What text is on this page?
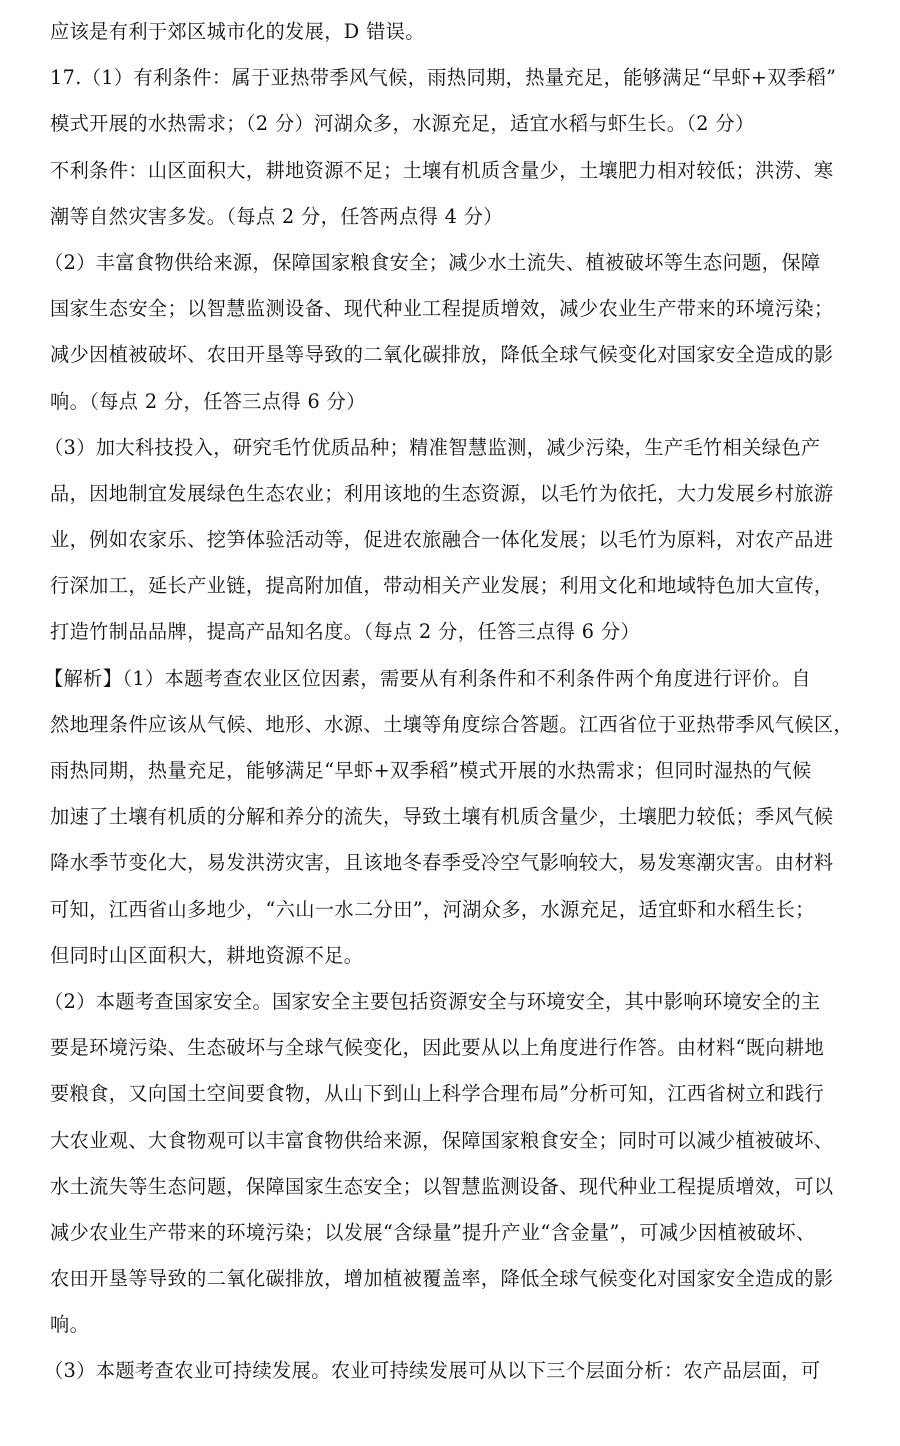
应该是有利于郊区城市化的发展，D 错误。
17.（1）有利条件：属于亚热带季风气候，雨热同期，热量充足，能够满足“早虾+双季稻”
模式开展的水热需求；（2 分）河湖众多，水源充足，适宜水稻与虾生长。（2 分）
不利条件：山区面积大，耕地资源不足；土壤有机质含量少，土壤肥力相对较低；洪涝、寒
潮等自然灾害多发。（每点 2 分，任答两点得 4 分）
（2）丰富食物供给来源，保障国家粮食安全；减少水土流失、植被破坏等生态问题，保障
国家生态安全；以智慧监测设备、现代种业工程提质增效，减少农业生产带来的环境污染；
减少因植被破坏、农田开垦等导致的二氧化碳排放，降低全球气候变化对国家安全造成的影
响。（每点 2 分，任答三点得 6 分）
（3）加大科技投入，研究毛竹优质品种；精准智慧监测，减少污染，生产毛竹相关绿色产
品，因地制宜发展绿色生态农业；利用该地的生态资源，以毛竹为依托，大力发展乡村旅游
业，例如农家乐、挖笋体验活动等，促进农旅融合一体化发展；以毛竹为原料，对农产品进
行深加工，延长产业链，提高附加值，带动相关产业发展；利用文化和地域特色加大宣传，
打造竹制品品牌，提高产品知名度。（每点 2 分，任答三点得 6 分）
【解析】（1）本题考查农业区位因素，需要从有利条件和不利条件两个角度进行评价。自
然地理条件应该从气候、地形、水源、土壤等角度综合答题。江西省位于亚热带季风气候区，
雨热同期，热量充足，能够满足“早虾+双季稻”模式开展的水热需求；但同时湿热的气候
加速了土壤有机质的分解和养分的流失，导致土壤有机质含量少，土壤肥力较低；季风气候
降水季节变化大，易发洪涝灾害，且该地冬春季受冷空气影响较大，易发寒潮灾害。由材料
可知，江西省山多地少，“六山一水二分田”，河湖众多，水源充足，适宜虾和水稻生长；
但同时山区面积大，耕地资源不足。
（2）本题考查国家安全。国家安全主要包括资源安全与环境安全，其中影响环境安全的主
要是环境污染、生态破坏与全球气候变化，因此要从以上角度进行作答。由材料“既向耕地
要粮食，又向国土空间要食物，从山下到山上科学合理布局”分析可知，江西省树立和践行
大农业观、大食物观可以丰富食物供给来源，保障国家粮食安全；同时可以减少植被破坏、
水土流失等生态问题，保障国家生态安全；以智慧监测设备、现代种业工程提质增效，可以
减少农业生产带来的环境污染；以发展“含绿量”提升产业“含金量”，可减少因植被破坏、
农田开垦等导致的二氧化碳排放，增加植被覆盖率，降低全球气候变化对国家安全造成的影
响。
（3）本题考查农业可持续发展。农业可持续发展可从以下三个层面分析：农产品层面，可
